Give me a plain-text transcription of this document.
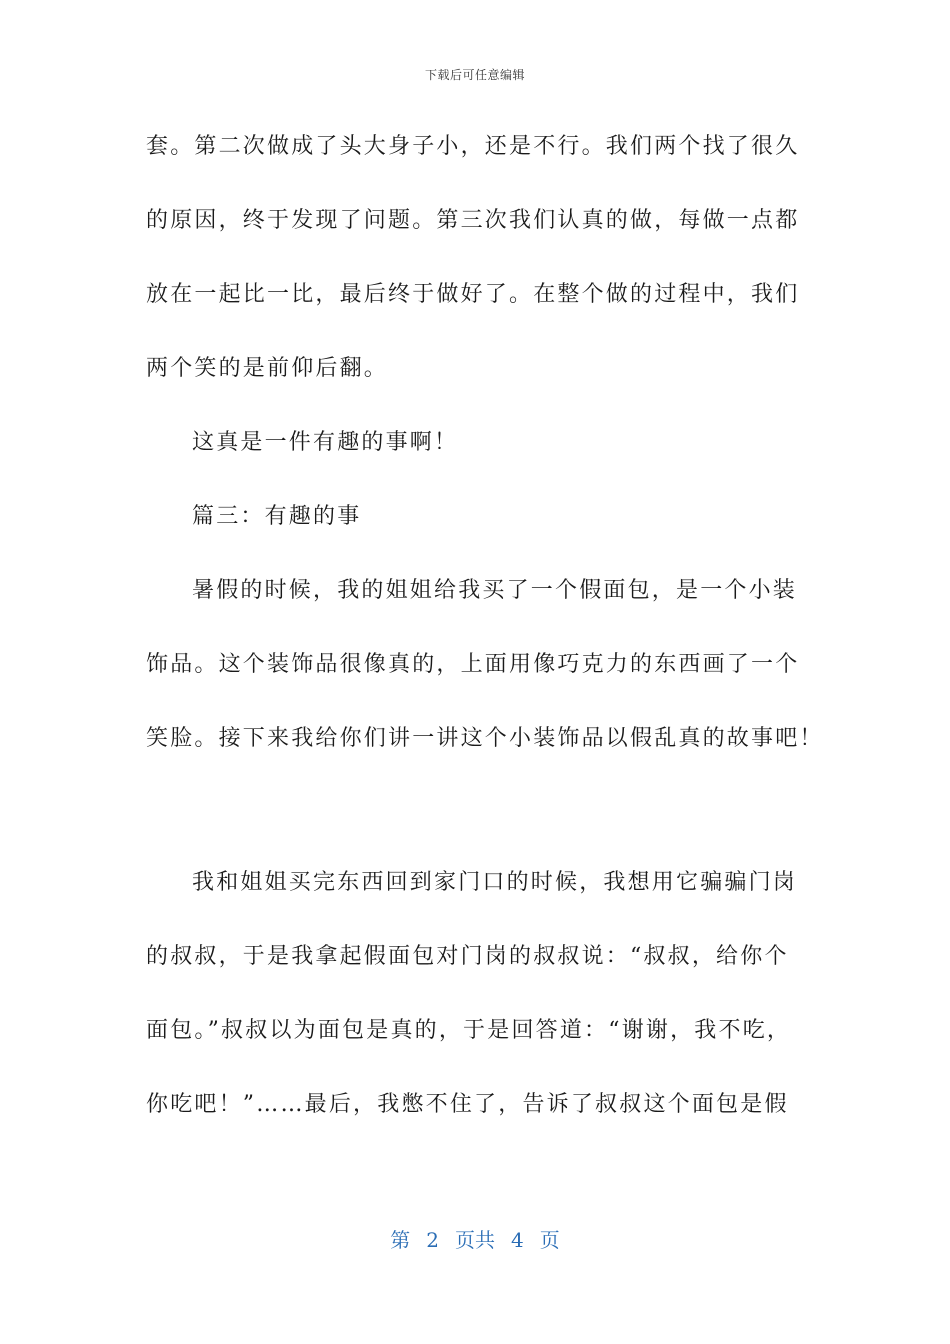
下载后可任意编辑
套。第二次做成了头大身子小，还是不行。我们两个找了很久
的原因，终于发现了问题。第三次我们认真的做，每做一点都
放在一起比一比，最后终于做好了。在整个做的过程中，我们
两个笑的是前仰后翻。
这真是一件有趣的事啊！
篇三：有趣的事
暑假的时候，我的姐姐给我买了一个假面包，是一个小装
饰品。这个装饰品很像真的，上面用像巧克力的东西画了一个
笑脸。接下来我给你们讲一讲这个小装饰品以假乱真的故事吧！
我和姐姐买完东西回到家门口的时候，我想用它骗骗门岗
的叔叔，于是我拿起假面包对门岗的叔叔说：“叔叔，给你个
面包。”叔叔以为面包是真的，于是回答道：“谢谢，我不吃，
你吃吧！”……最后，我憋不住了，告诉了叔叔这个面包是假
第 2 页共 4 页
